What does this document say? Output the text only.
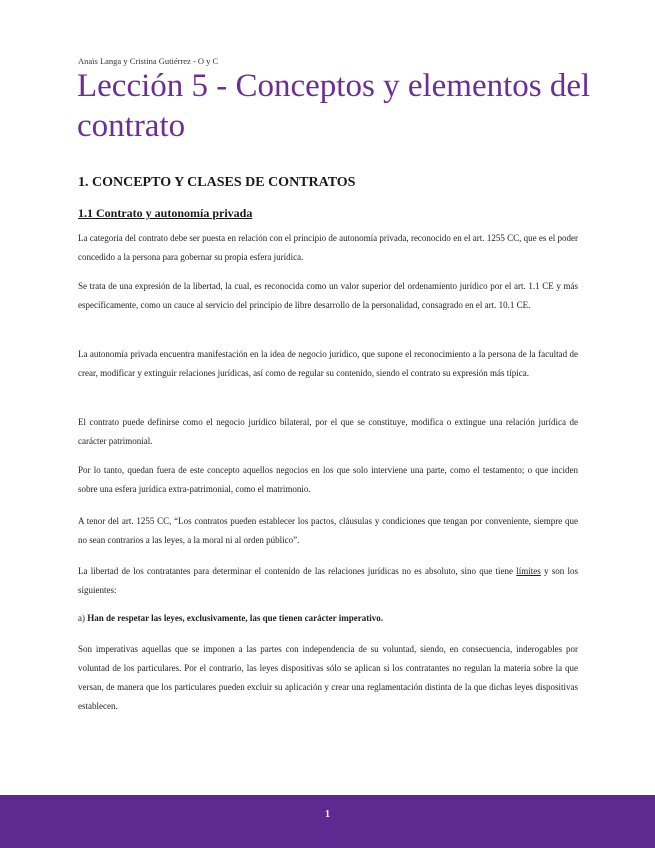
Anaïs Langa y Cristina Gutiérrez - O y C
Lección 5 - Conceptos y elementos del contrato
1. CONCEPTO Y CLASES DE CONTRATOS
1.1 Contrato y autonomía privada

La categoría del contrato debe ser puesta en relación con el principio de autonomía privada, reconocido en el art. 1255 CC, que es el poder concedido a la persona para gobernar su propia esfera jurídica.

Se trata de una expresión de la libertad, la cual, es reconocida como un valor superior del ordenamiento jurídico por el art. 1.1 CE y más específicamente, como un cauce al servicio del principio de libre desarrollo de la personalidad, consagrado en el art. 10.1 CE.

La autonomía privada encuentra manifestación en la idea de negocio jurídico, que supone el reconocimiento a la persona de la facultad de crear, modificar y extinguir relaciones jurídicas, así como de regular su contenido, siendo el contrato su expresión más típica.

El contrato puede definirse como el negocio jurídico bilateral, por el que se constituye, modifica o extingue una relación jurídica de carácter patrimonial.

Por lo tanto, quedan fuera de este concepto aquellos negocios en los que solo interviene una parte, como el testamento; o que inciden sobre una esfera jurídica extra-patrimonial, como el matrimonio.

A tenor del art. 1255 CC, “Los contratos pueden establecer los pactos, cláusulas y condiciones que tengan por conveniente, siempre que no sean contrarios a las leyes, a la moral ni al orden público”.

La libertad de los contratantes para determinar el contenido de las relaciones jurídicas no es absoluto, sino que tiene límites y son los siguientes:

a) Han de respetar las leyes, exclusivamente, las que tienen carácter imperativo.

Son imperativas aquellas que se imponen a las partes con independencia de su voluntad, siendo, en consecuencia, inderogables por voluntad de los particulares. Por el contrario, las leyes dispositivas sólo se aplican si los contratantes no regulan la materia sobre la que versan, de manera que los particulares pueden excluir su aplicación y crear una reglamentación distinta de la que dichas leyes dispositivas establecen.

1
